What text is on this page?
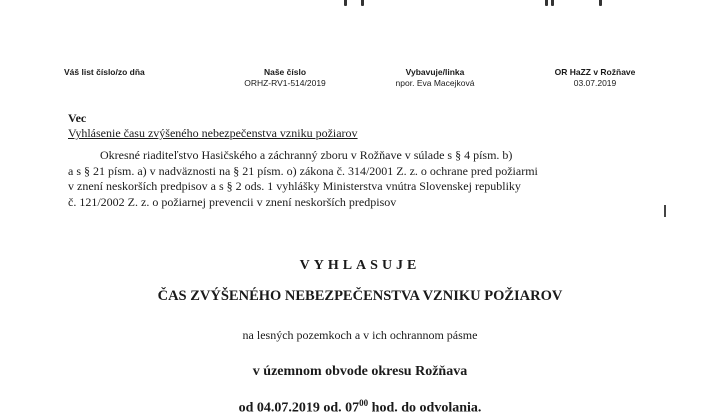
Váš list číslo/zo dňa	Naše číslo
ORHZ-RV1-514/2019
Vybavuje/linka
npor. Eva Macejková
OR HaZZ v Rožňave
03.07.2019
Vec
Vyhlásenie času zvýšeného nebezpečenstva vzniku požiarov
Okresné riaditeľstvo Hasičského a záchranný zboru v Rožňave v súlade s § 4 písm. b)
a s § 21 písm. a) v nadväznosti na § 21 písm. o) zákona č. 314/2001 Z. z. o ochrane pred požiarmi
v znení neskorších predpisov a s § 2 ods. 1 vyhlášky Ministerstva vnútra Slovenskej republiky
č. 121/2002 Z. z. o požiarnej prevencii v znení neskorších predpisov
VYHLASUJE
ČAS ZVÝŠENÉHO NEBEZPEČENSTVA VZNIKU POŽIAROV
na lesných pozemkoch a v ich ochrannom pásme
v územnom obvode okresu Rožňava
od 04.07.2019 od. $07^{00}$ hod. do odvolania.
